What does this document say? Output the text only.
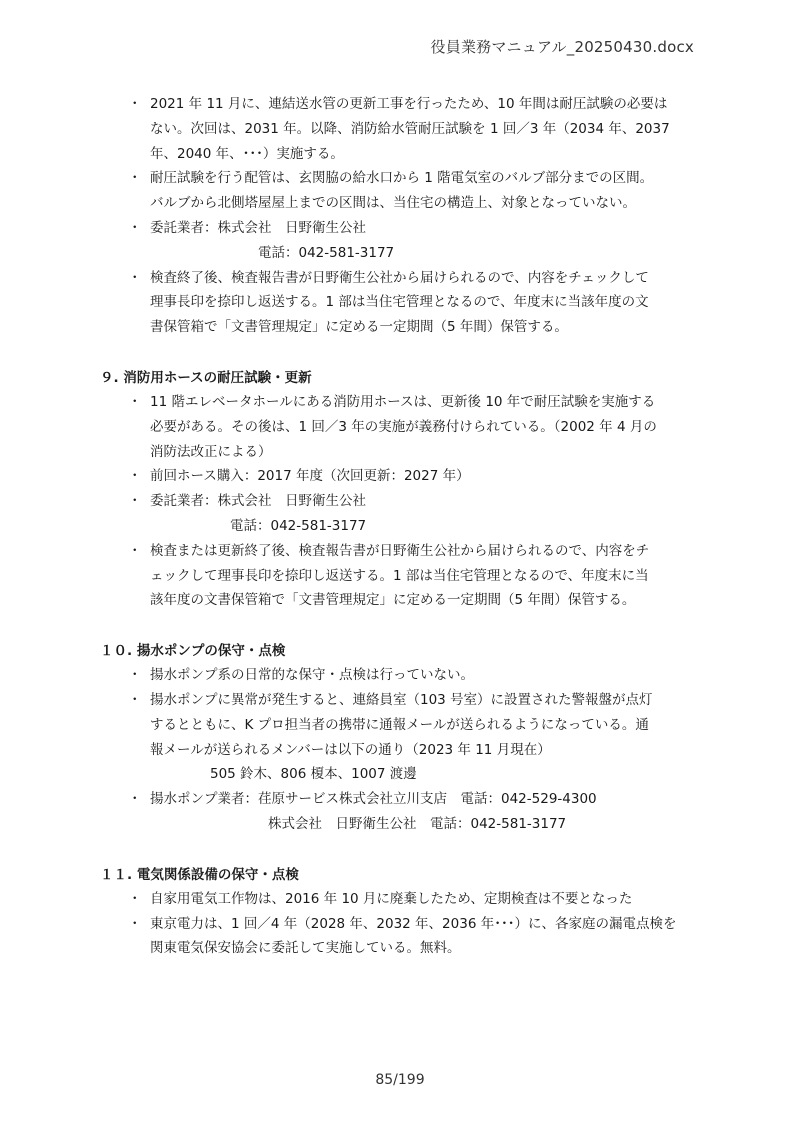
役員業務マニュアル_20250430.docx
・ 2021 年 11 月に、連結送水管の更新工事を行ったため、10 年間は耐圧試験の必要は
ない。次回は、2031 年。以降、消防給水管耐圧試験を 1 回／3 年（2034 年、2037
年、2040 年、･･･）実施する。
・ 耐圧試験を行う配管は、玄関脇の給水口から 1 階電気室のバルブ部分までの区間。
バルブから北側塔屋屋上までの区間は、当住宅の構造上、対象となっていない。
・ 委託業者：株式会社　日野衛生公社
電話：042-581-3177
・ 検査終了後、検査報告書が日野衛生公社から届けられるので、内容をチェックして
理事長印を捺印し返送する。1 部は当住宅管理となるので、年度末に当該年度の文
書保管箱で「文書管理規定」に定める一定期間（5 年間）保管する。
９. 消防用ホースの耐圧試験・更新
・ 11 階エレベータホールにある消防用ホースは、更新後 10 年で耐圧試験を実施する
必要がある。その後は、1 回／3 年の実施が義務付けられている。（2002 年 4 月の
消防法改正による）
・ 前回ホース購入：2017 年度（次回更新：2027 年）
・ 委託業者：株式会社　日野衛生公社
電話：042-581-3177
・ 検査または更新終了後、検査報告書が日野衛生公社から届けられるので、内容をチ
ェックして理事長印を捺印し返送する。1 部は当住宅管理となるので、年度末に当
該年度の文書保管箱で「文書管理規定」に定める一定期間（5 年間）保管する。
１０. 揚水ポンプの保守・点検
・ 揚水ポンプ系の日常的な保守・点検は行っていない。
・ 揚水ポンプに異常が発生すると、連絡員室（103 号室）に設置された警報盤が点灯
するとともに、K プロ担当者の携帯に通報メールが送られるようになっている。通
報メールが送られるメンバーは以下の通り（2023 年 11 月現在）
505 鈴木、806 榎本、1007 渡邊
・ 揚水ポンプ業者：荏原サービス株式会社立川支店　電話：042-529-4300
株式会社　日野衛生公社　電話：042-581-3177
１１. 電気関係設備の保守・点検
・ 自家用電気工作物は、2016 年 10 月に廃棄したため、定期検査は不要となった
・ 東京電力は、1 回／4 年（2028 年、2032 年、2036 年･･･）に、各家庭の漏電点検を
関東電気保安協会に委託して実施している。無料。
85/199
